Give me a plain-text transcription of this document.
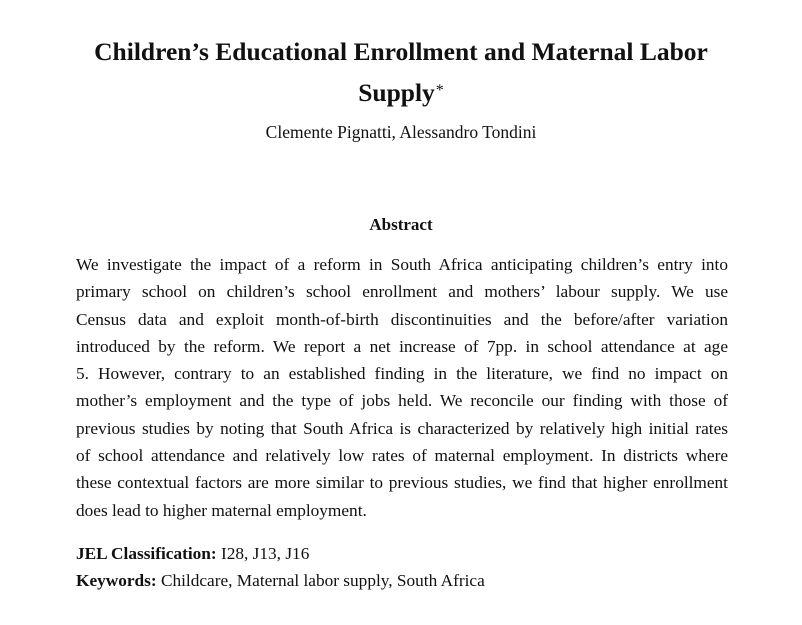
Children’s Educational Enrollment and Maternal Labor
Supply*
Clemente Pignatti, Alessandro Tondini
Abstract

We investigate the impact of a reform in South Africa anticipating children’s entry into
primary school on children’s school enrollment and mothers’ labour supply. We use
Census data and exploit month-of-birth discontinuities and the before/after variation
introduced by the reform. We report a net increase of 7pp. in school attendance at age
5. However, contrary to an established finding in the literature, we find no impact on
mother’s employment and the type of jobs held. We reconcile our finding with those of
previous studies by noting that South Africa is characterized by relatively high initial rates
of school attendance and relatively low rates of maternal employment. In districts where
these contextual factors are more similar to previous studies, we find that higher enrollment
does lead to higher maternal employment.

JEL Classification: I28, J13, J16
Keywords: Childcare, Maternal labor supply, South Africa
